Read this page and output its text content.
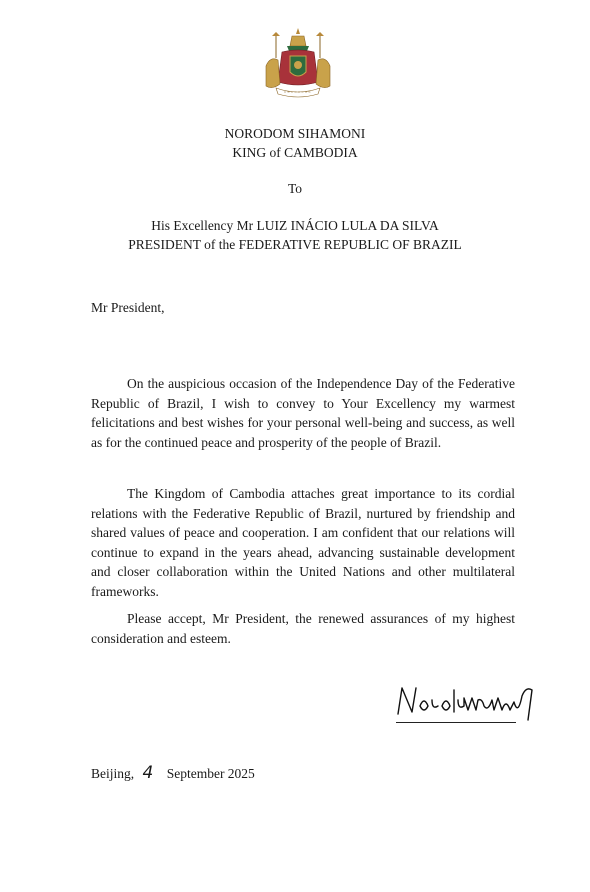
NORODOM SIHAMONI
KING of CAMBODIA
To
His Excellency Mr LUIZ INÁCIO LULA DA SILVA
PRESIDENT of the FEDERATIVE REPUBLIC OF BRAZIL
Mr President,

On the auspicious occasion of the Independence Day of the Federative Republic of Brazil, I wish to convey to Your Excellency my warmest felicitations and best wishes for your personal well-being and success, as well as for the continued peace and prosperity of the people of Brazil.

The Kingdom of Cambodia attaches great importance to its cordial relations with the Federative Republic of Brazil, nurtured by friendship and shared values of peace and cooperation. I am confident that our relations will continue to expand in the years ahead, advancing sustainable development and closer collaboration within the United Nations and other multilateral frameworks.

Please accept, Mr President, the renewed assurances of my highest consideration and esteem.

Beijing, 4 September 2025
